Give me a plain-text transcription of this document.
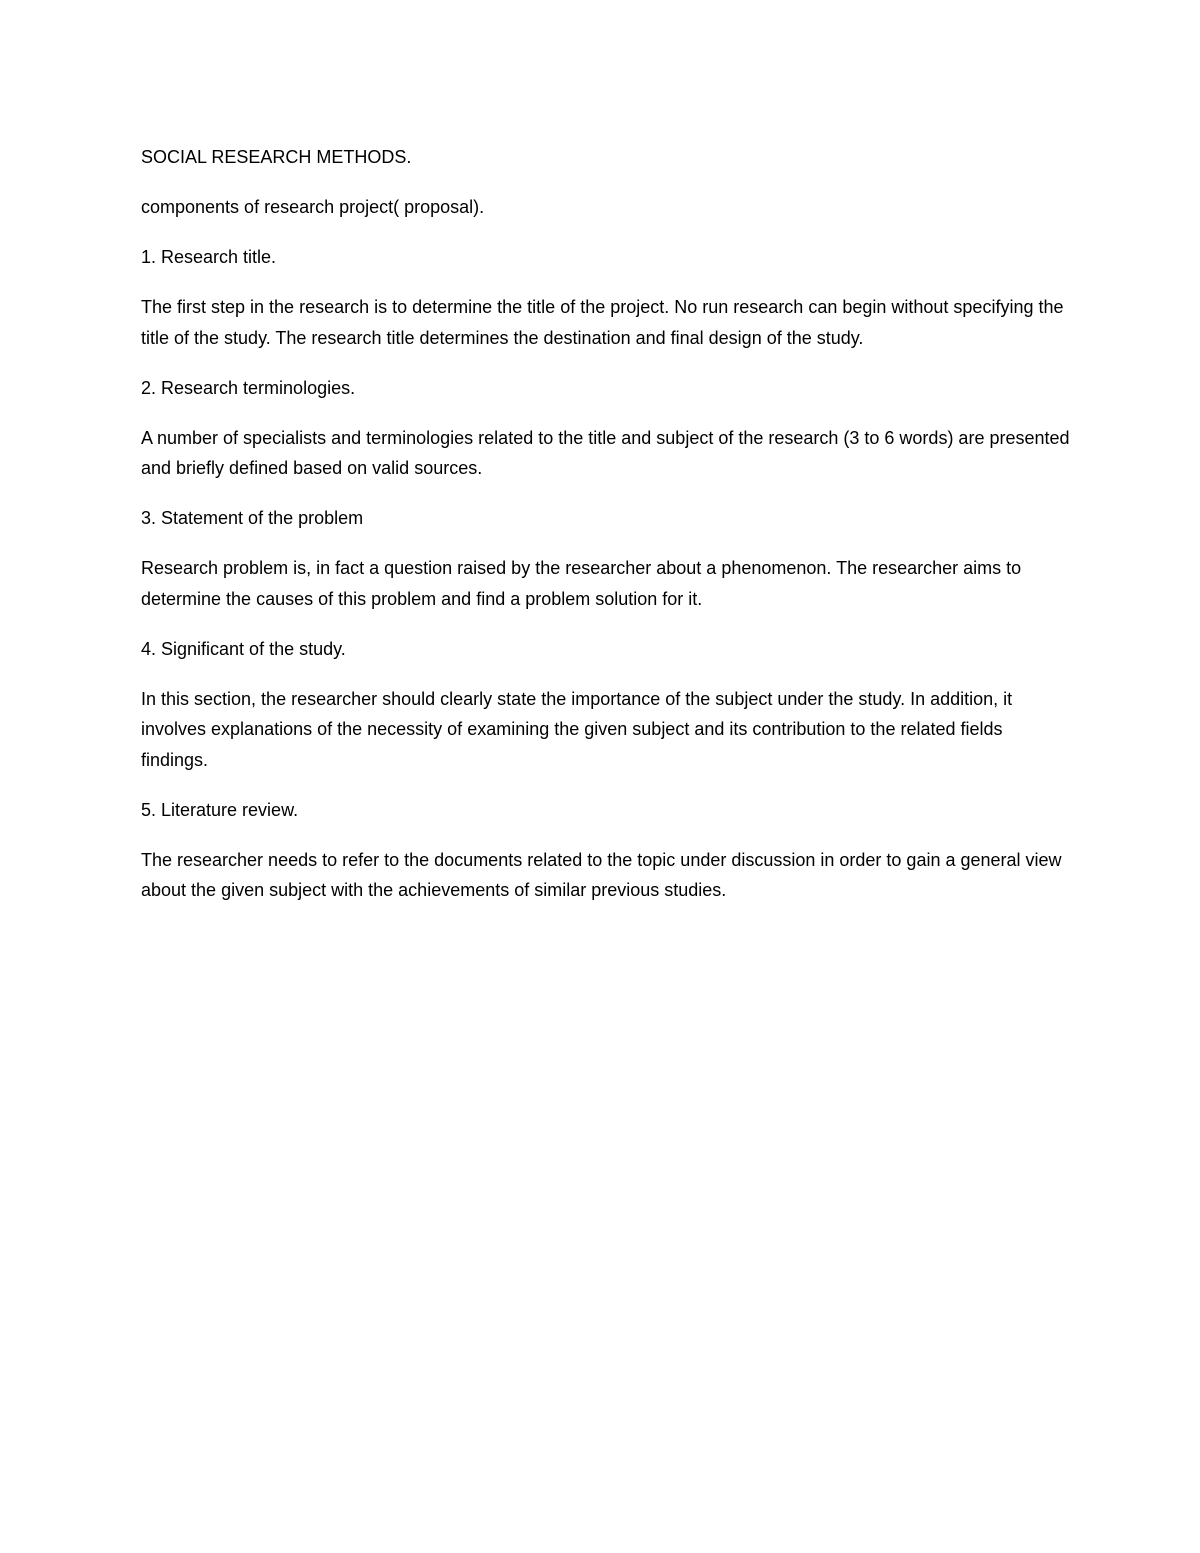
SOCIAL RESEARCH METHODS.

components of research project( proposal).

1. Research title.

The first step in the research is to determine the title of the project. No run research can begin without specifying the title of the study. The research title determines the destination and final design of the study.

2. Research terminologies.

A number of specialists and terminologies related to the title and subject of the research (3 to 6 words) are presented and briefly defined based on valid sources.

3. Statement of the problem

Research problem is, in fact a question raised by the researcher about a phenomenon. The researcher aims to determine the causes of this problem and find a problem solution for it.

4. Significant of the study.

In this section, the researcher should clearly state the importance of the subject under the study. In addition, it involves explanations of the necessity of examining the given subject and its contribution to the related fields findings.

5. Literature review.

The researcher needs to refer to the documents related to the topic under discussion in order to gain a general view about the given subject with the achievements of similar previous studies.
